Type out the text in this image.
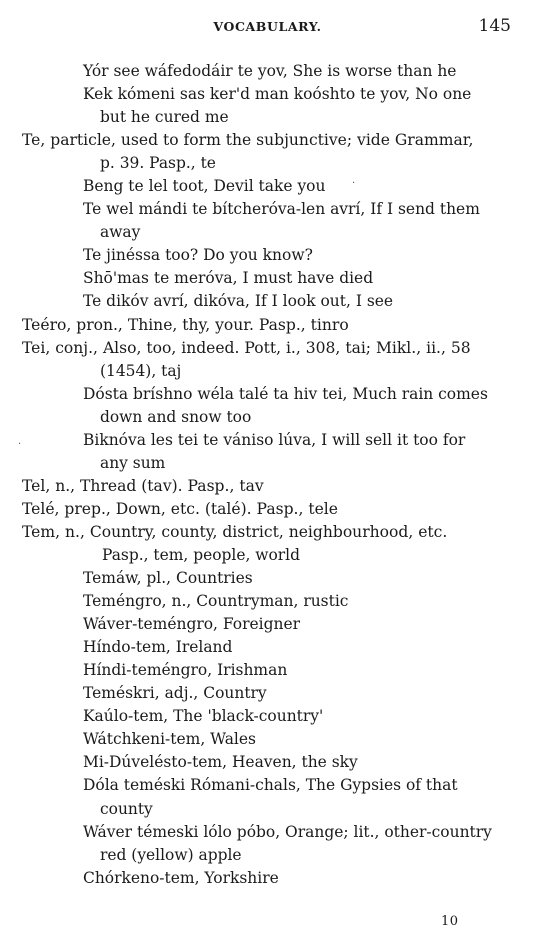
VOCABULARY.	145
Yór see wáfedodáir te yov, She is worse than he
Kek kómeni sas ker'd man koóshto te yov, No one
but he cured me
Te, particle, used to form the subjunctive; vide Grammar,
p. 39. Pasp., te
Beng te lel toot, Devil take you
Te wel mándi te bítcheróva-len avrí, If I send them
away
Te jinéssa too? Do you know?
Shō'mas te meróva, I must have died
Te dikóv avrí, dikóva, If I look out, I see
Teéro, pron., Thine, thy, your. Pasp., tinro
Tei, conj., Also, too, indeed. Pott, i., 308, tai; Mikl., ii., 58
(1454), taj
Dósta bríshno wéla talé ta hiv tei, Much rain comes
down and snow too
Biknóva les tei te vániso lúva, I will sell it too for
any sum
Tel, n., Thread (tav). Pasp., tav
Telé, prep., Down, etc. (talé). Pasp., tele
Tem, n., Country, county, district, neighbourhood, etc.
Pasp., tem, people, world
Temáw, pl., Countries
Teméngro, n., Countryman, rustic
Wáver-teméngro, Foreigner
Híndo-tem, Ireland
Híndi-teméngro, Irishman
Teméskri, adj., Country
Kaúlo-tem, The 'black-country'
Wátchkeni-tem, Wales
Mi-Dúvelésto-tem, Heaven, the sky
Dóla teméski Rómani-chals, The Gypsies of that
county
Wáver témeski lólo póbo, Orange; lit., other-country
red (yellow) apple
Chórkeno-tem, Yorkshire
·
.
10
